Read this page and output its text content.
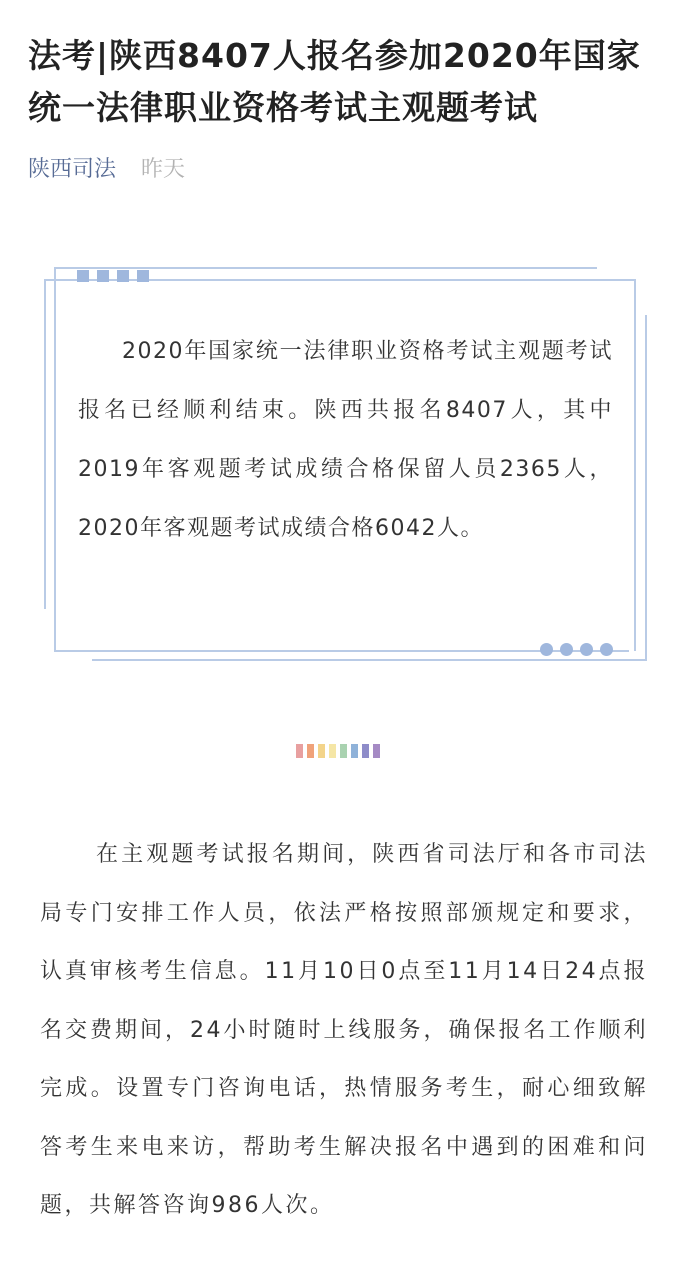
法考|陕西8407人报名参加2020年国家统一法律职业资格考试主观题考试
陕西司法 昨天

2020年国家统一法律职业资格考试主观题考试报名已经顺利结束。陕西共报名8407人，其中2019年客观题考试成绩合格保留人员2365人，2020年客观题考试成绩合格6042人。

在主观题考试报名期间，陕西省司法厅和各市司法局专门安排工作人员，依法严格按照部颁规定和要求，认真审核考生信息。11月10日0点至11月14日24点报名交费期间，24小时随时上线服务，确保报名工作顺利完成。设置专门咨询电话，热情服务考生，耐心细致解答考生来电来访，帮助考生解决报名中遇到的困难和问题，共解答咨询986人次。
